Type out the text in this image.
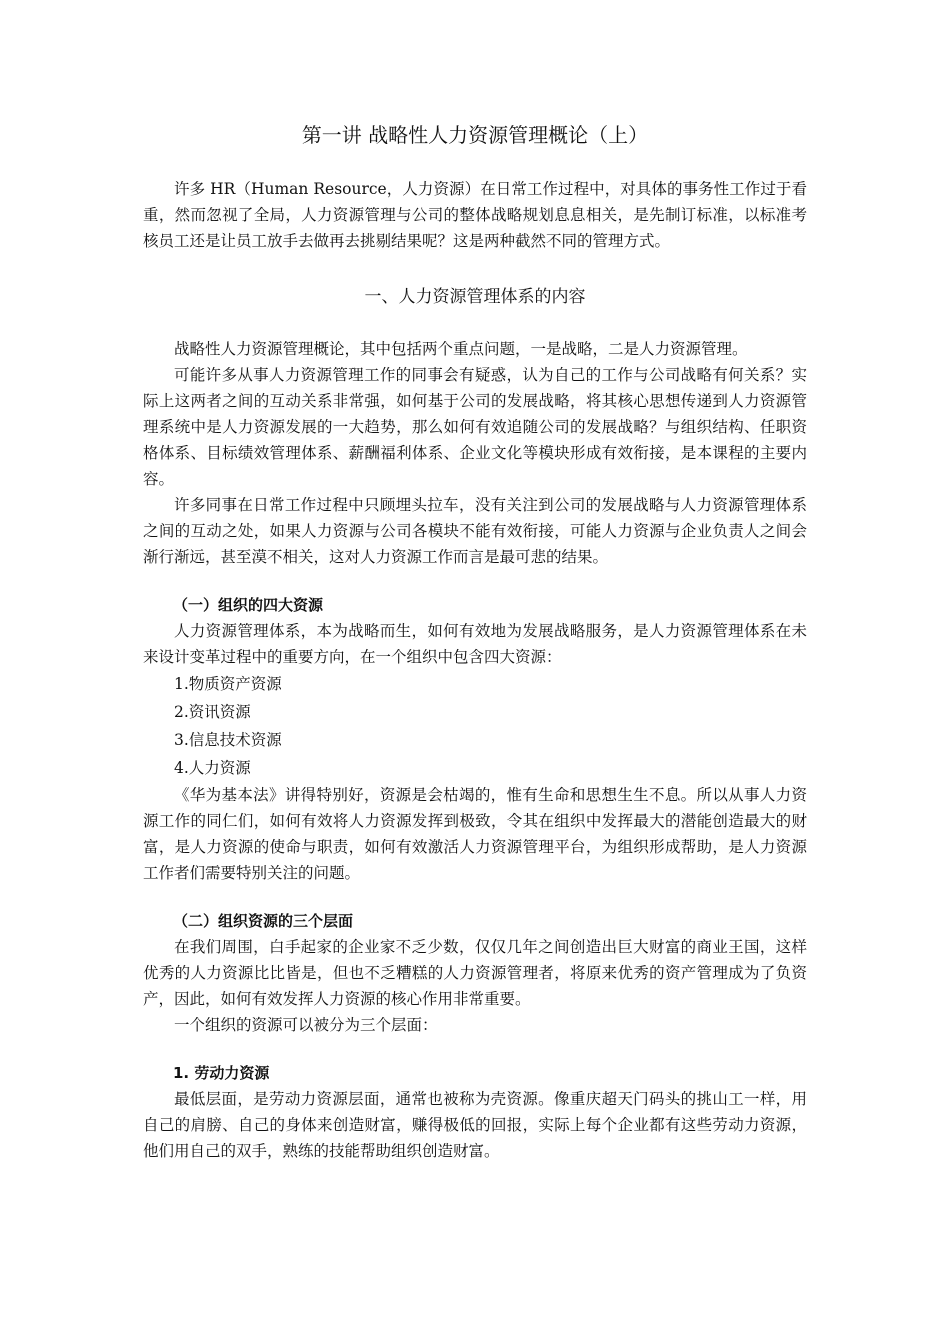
第一讲 战略性人力资源管理概论（上）

许多 HR（Human Resource，人力资源）在日常工作过程中，对具体的事务性工作过于看重，然而忽视了全局，人力资源管理与公司的整体战略规划息息相关，是先制订标准，以标准考核员工还是让员工放手去做再去挑剔结果呢？这是两种截然不同的管理方式。

一、人力资源管理体系的内容

战略性人力资源管理概论，其中包括两个重点问题，一是战略，二是人力资源管理。

可能许多从事人力资源管理工作的同事会有疑惑，认为自己的工作与公司战略有何关系？实际上这两者之间的互动关系非常强，如何基于公司的发展战略，将其核心思想传递到人力资源管理系统中是人力资源发展的一大趋势，那么如何有效追随公司的发展战略？与组织结构、任职资格体系、目标绩效管理体系、薪酬福利体系、企业文化等模块形成有效衔接，是本课程的主要内容。

许多同事在日常工作过程中只顾埋头拉车，没有关注到公司的发展战略与人力资源管理体系之间的互动之处，如果人力资源与公司各模块不能有效衔接，可能人力资源与企业负责人之间会渐行渐远，甚至漠不相关，这对人力资源工作而言是最可悲的结果。

（一）组织的四大资源

人力资源管理体系，本为战略而生，如何有效地为发展战略服务，是人力资源管理体系在未来设计变革过程中的重要方向，在一个组织中包含四大资源：

1.物质资产资源
2.资讯资源
3.信息技术资源
4.人力资源

《华为基本法》讲得特别好，资源是会枯竭的，惟有生命和思想生生不息。所以从事人力资源工作的同仁们，如何有效将人力资源发挥到极致，令其在组织中发挥最大的潜能创造最大的财富，是人力资源的使命与职责，如何有效激活人力资源管理平台，为组织形成帮助，是人力资源工作者们需要特别关注的问题。

（二）组织资源的三个层面

在我们周围，白手起家的企业家不乏少数，仅仅几年之间创造出巨大财富的商业王国，这样优秀的人力资源比比皆是，但也不乏糟糕的人力资源管理者，将原来优秀的资产管理成为了负资产，因此，如何有效发挥人力资源的核心作用非常重要。

一个组织的资源可以被分为三个层面：

1. 劳动力资源

最低层面，是劳动力资源层面，通常也被称为壳资源。像重庆超天门码头的挑山工一样，用自己的肩膀、自己的身体来创造财富，赚得极低的回报，实际上每个企业都有这些劳动力资源，他们用自己的双手，熟练的技能帮助组织创造财富。
